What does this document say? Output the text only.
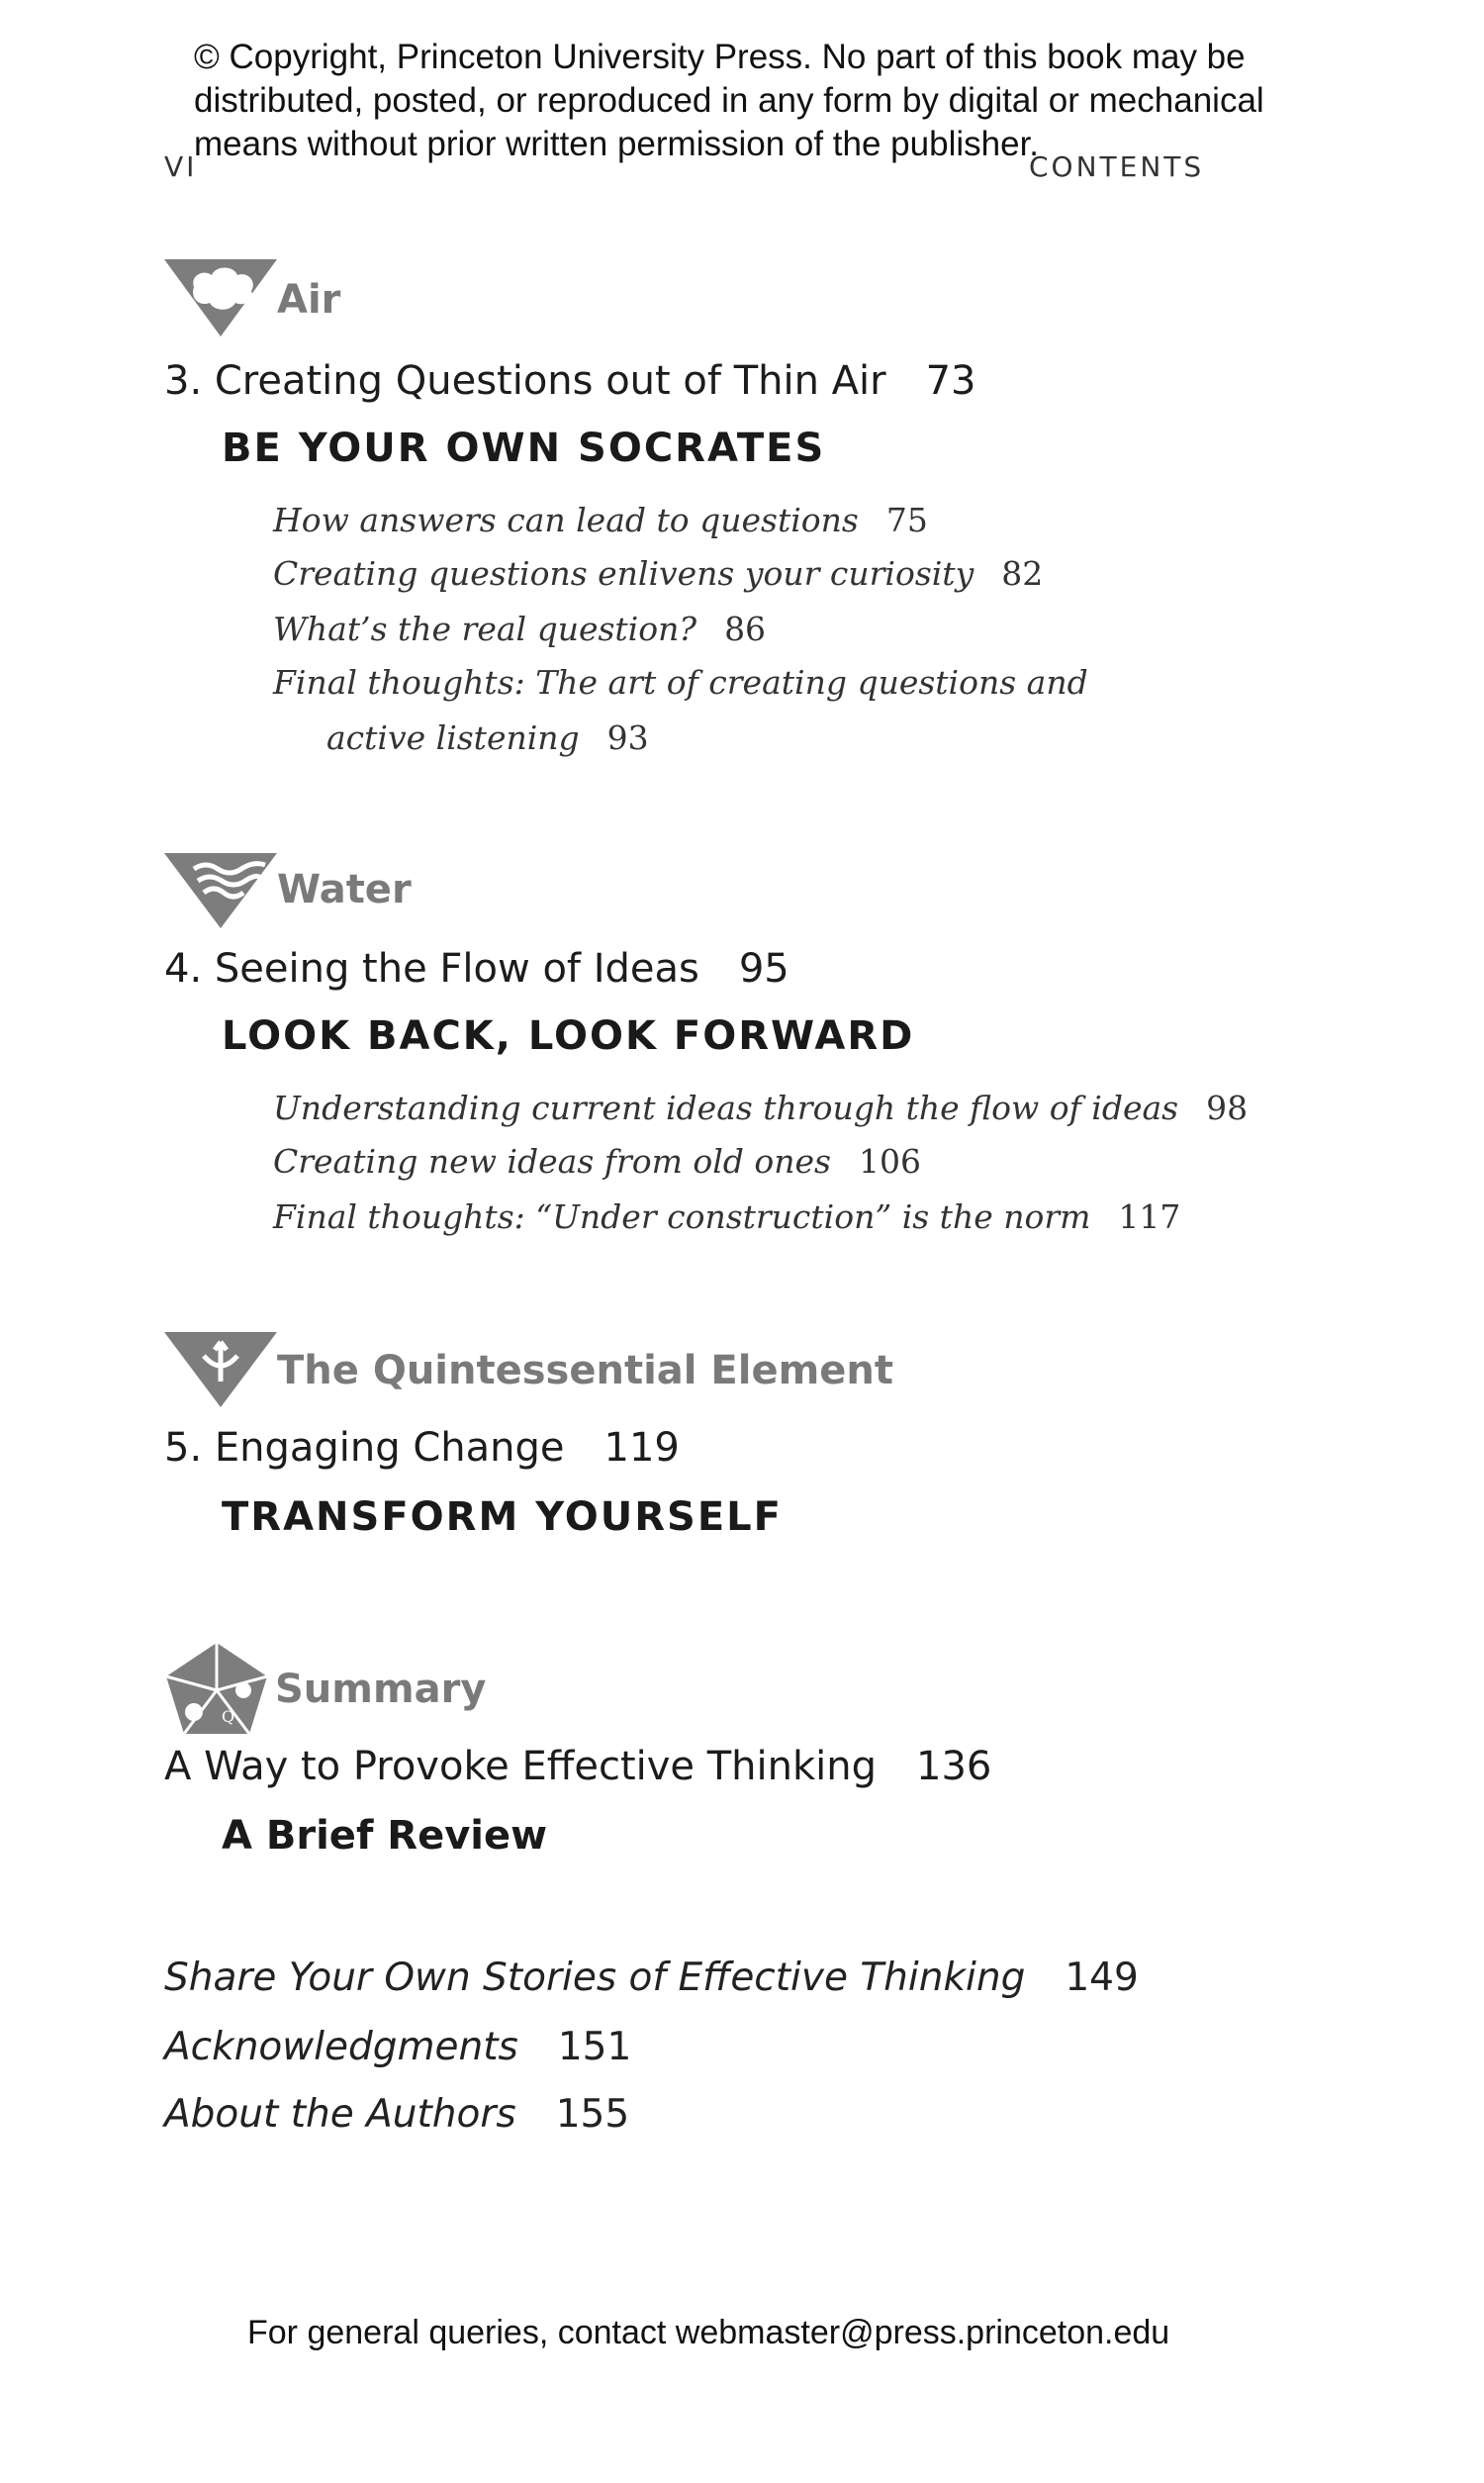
© Copyright, Princeton University Press. No part of this book may be
distributed, posted, or reproduced in any form by digital or mechanical
means without prior written permission of the publisher.
VI	CONTENTS
Air
3. Creating Questions out of Thin Air 73
BE YOUR OWN SOCRATES
How answers can lead to questions 75
Creating questions enlivens your curiosity 82
What’s the real question? 86
Final thoughts: The art of creating questions and
active listening 93
Water
4. Seeing the Flow of Ideas 95
LOOK BACK, LOOK FORWARD
Understanding current ideas through the flow of ideas 98
Creating new ideas from old ones 106
Final thoughts: “Under construction” is the norm 117
The Quintessential Element
5. Engaging Change 119
TRANSFORM YOURSELF
Q
Summary
A Way to Provoke Effective Thinking 136
A Brief Review
Share Your Own Stories of Effective Thinking 149
Acknowledgments 151
About the Authors 155
For general queries, contact webmaster@press.princeton.edu
